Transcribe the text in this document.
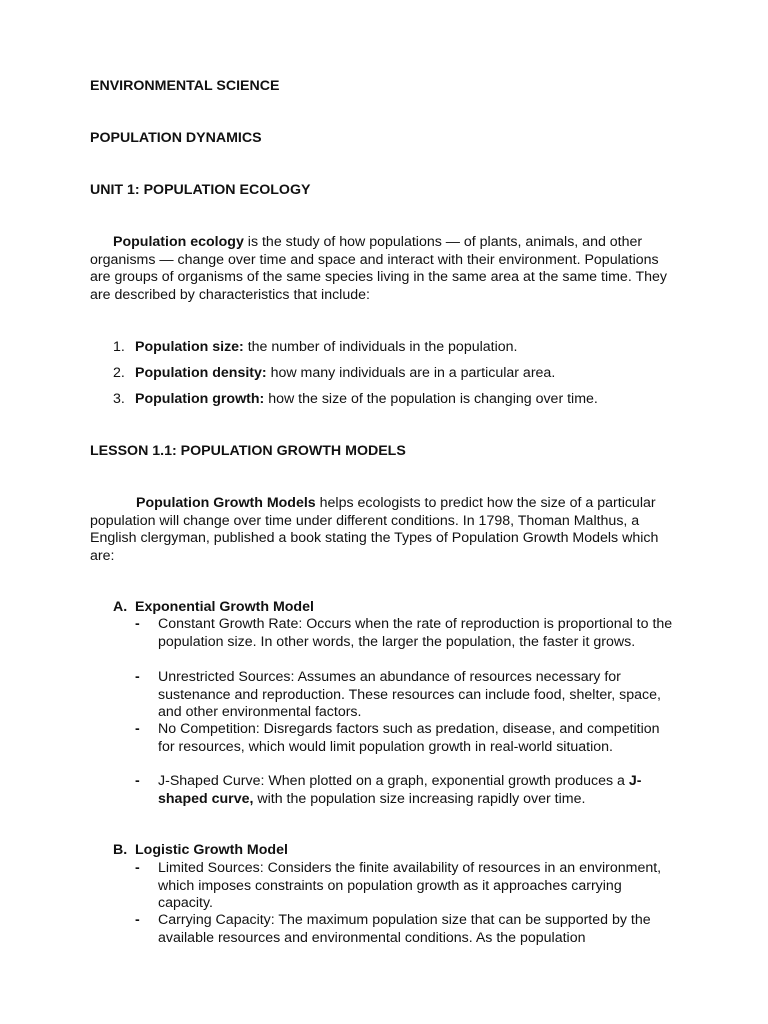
ENVIRONMENTAL SCIENCE
POPULATION DYNAMICS
UNIT 1: POPULATION ECOLOGY

Population ecology is the study of how populations — of plants, animals, and other organisms — change over time and space and interact with their environment. Populations are groups of organisms of the same species living in the same area at the same time. They are described by characteristics that include:

1. Population size: the number of individuals in the population.
2. Population density: how many individuals are in a particular area.
3. Population growth: how the size of the population is changing over time.
LESSON 1.1: POPULATION GROWTH MODELS

Population Growth Models helps ecologists to predict how the size of a particular population will change over time under different conditions. In 1798, Thoman Malthus, a English clergyman, published a book stating the Types of Population Growth Models which are:

A. Exponential Growth Model
- Constant Growth Rate: Occurs when the rate of reproduction is proportional to the population size. In other words, the larger the population, the faster it grows.
- Unrestricted Sources: Assumes an abundance of resources necessary for sustenance and reproduction. These resources can include food, shelter, space, and other environmental factors.
- No Competition: Disregards factors such as predation, disease, and competition for resources, which would limit population growth in real-world situation.
- J-Shaped Curve: When plotted on a graph, exponential growth produces a J-shaped curve, with the population size increasing rapidly over time.
B. Logistic Growth Model
- Limited Sources: Considers the finite availability of resources in an environment, which imposes constraints on population growth as it approaches carrying capacity.
- Carrying Capacity: The maximum population size that can be supported by the available resources and environmental conditions. As the population
